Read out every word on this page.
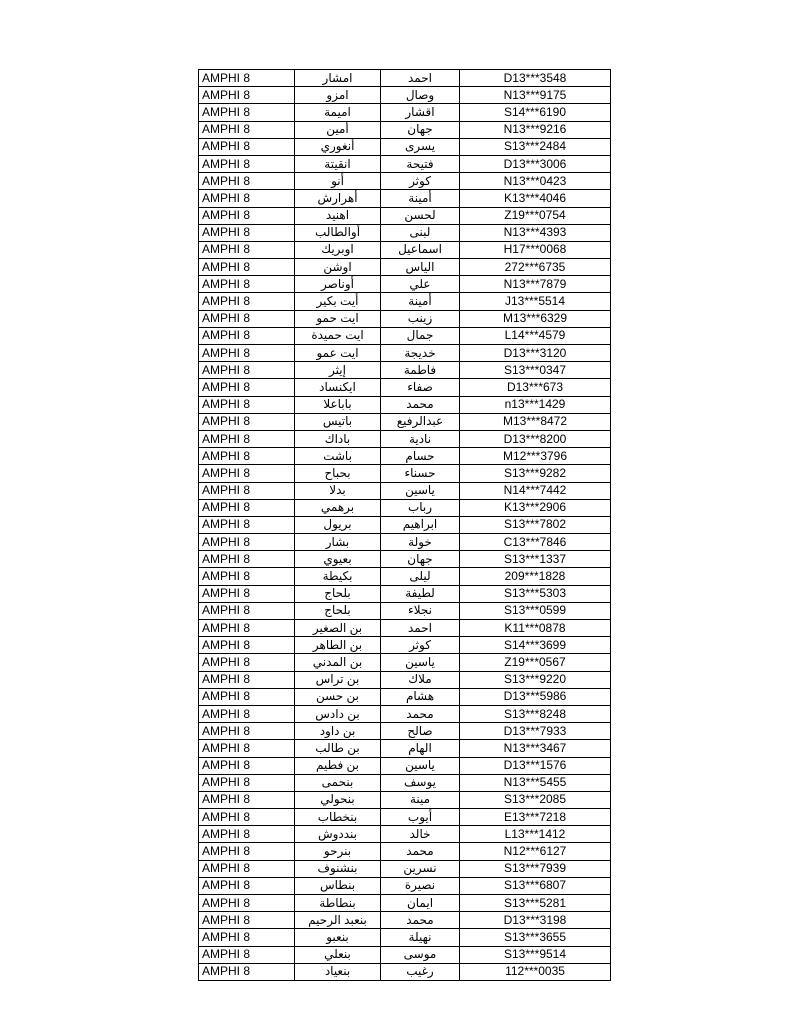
AMPHI 8	امشار	احمد	D13***3548
AMPHI 8	امزو	وصال	N13***9175
AMPHI 8	اميمة	اقشار	S14***6190
AMPHI 8	أمين	جهان	N13***9216
AMPHI 8	أنغوري	يسرى	S13***2484
AMPHI 8	انقيتة	فتيحة	D13***3006
AMPHI 8	أنو	كوثر	N13***0423
AMPHI 8	أهرارش	أمينة	K13***4046
AMPHI 8	اهنيد	لحسن	Z19***0754
AMPHI 8	أوالطالب	لبنى	N13***4393
AMPHI 8	اوبريك	اسماعيل	H17***0068
AMPHI 8	اوشن	الياس	272***6735
AMPHI 8	أوناصر	علي	N13***7879
AMPHI 8	أيت بكير	أمينة	J13***5514
AMPHI 8	ايت حمو	زينب	M13***6329
AMPHI 8	ايت حميدة	جمال	L14***4579
AMPHI 8	ايت عمو	خديجة	D13***3120
AMPHI 8	إيثر	فاطمة	S13***0347
AMPHI 8	ايكنساد	صفاء	D13***673
AMPHI 8	باباعلا	محمد	n13***1429
AMPHI 8	باتيس	عبدالرفيع	M13***8472
AMPHI 8	باداك	نادية	D13***8200
AMPHI 8	باشت	حسام	M12***3796
AMPHI 8	بحباح	حسناء	S13***9282
AMPHI 8	بدلا	ياسين	N14***7442
AMPHI 8	برهمي	رباب	K13***2906
AMPHI 8	بريول	ابراهيم	S13***7802
AMPHI 8	بشار	خولة	C13***7846
AMPHI 8	بعيوي	جهان	S13***1337
AMPHI 8	بكيطة	ليلى	209***1828
AMPHI 8	بلحاج	لطيفة	S13***5303
AMPHI 8	بلحاج	نجلاء	S13***0599
AMPHI 8	بن الصغير	احمد	K11***0878
AMPHI 8	بن الطاهر	كوثر	S14***3699
AMPHI 8	بن المدني	ياسين	Z19***0567
AMPHI 8	بن تراس	ملاك	S13***9220
AMPHI 8	بن حسن	هشام	D13***5986
AMPHI 8	بن دادس	محمد	S13***8248
AMPHI 8	بن داود	صالح	D13***7933
AMPHI 8	بن طالب	الهام	N13***3467
AMPHI 8	بن فطيم	ياسين	D13***1576
AMPHI 8	بنحمى	يوسف	N13***5455
AMPHI 8	بنحولي	مينة	S13***2085
AMPHI 8	بنخطاب	أيوب	E13***7218
AMPHI 8	بنددوش	خالد	L13***1412
AMPHI 8	بنرحو	محمد	N12***6127
AMPHI 8	بنشنوف	نسرين	S13***7939
AMPHI 8	بنطاس	نصيرة	S13***6807
AMPHI 8	بنطاطة	ايمان	S13***5281
AMPHI 8	بنعبد الرحيم	محمد	D13***3198
AMPHI 8	بنعبو	نهيلة	S13***3655
AMPHI 8	بنعلي	موسى	S13***9514
AMPHI 8	بنعياد	رغيب	112***0035
